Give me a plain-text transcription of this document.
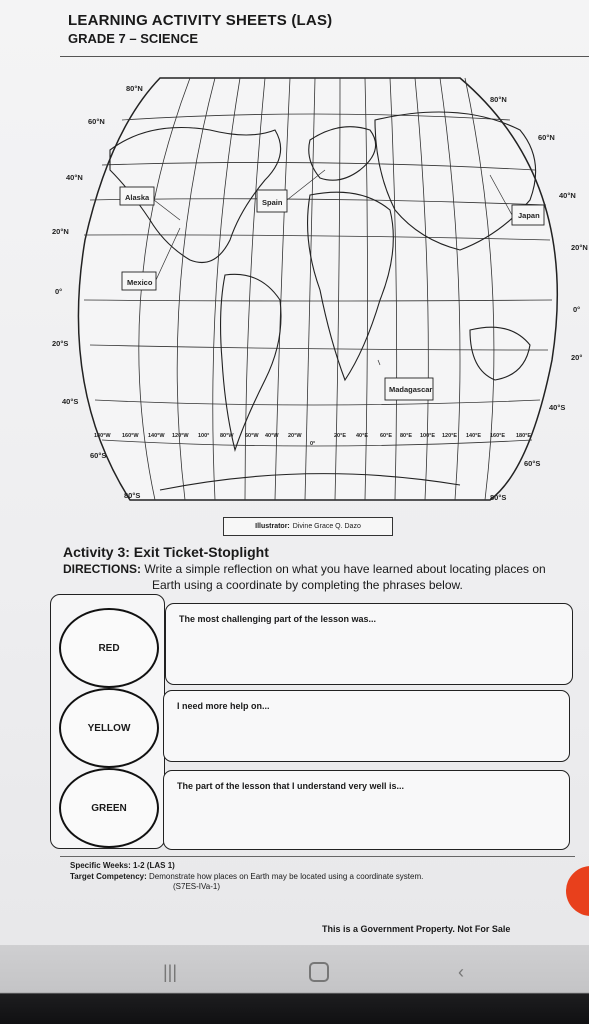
LEARNING ACTIVITY SHEETS (LAS)
GRADE 7 – SCIENCE
80°N
60°N
40°N
20°N
0°
20°S
40°S
60°S
80°S
80°N
60°N
40°N
20°N
0°
20°
40°S
60°S
80°S
180°W 160°W 140°W 120°W 100° 80°W 60°W 40°W 20°W
0°
20°E 40°E 60°E 80°E 100°E 120°E 140°E 160°E 180°E
Alaska
Spain
Japan
Mexico
Madagascar
Illustrator: Divine Grace Q. Dazo
Activity 3: Exit Ticket-Stoplight
DIRECTIONS: Write a simple reflection on what you have learned about locating places on
Earth using a coordinate by completing the phrases below.
RED
YELLOW
GREEN
The most challenging part of the lesson was...
I need more help on...
The part of the lesson that I understand very well is...
Specific Weeks: 1-2 (LAS 1)
Target Competency: Demonstrate how places on Earth may be located using a coordinate system.
(S7ES-IVa-1)
This is a Government Property. Not For Sale
|||	‹
